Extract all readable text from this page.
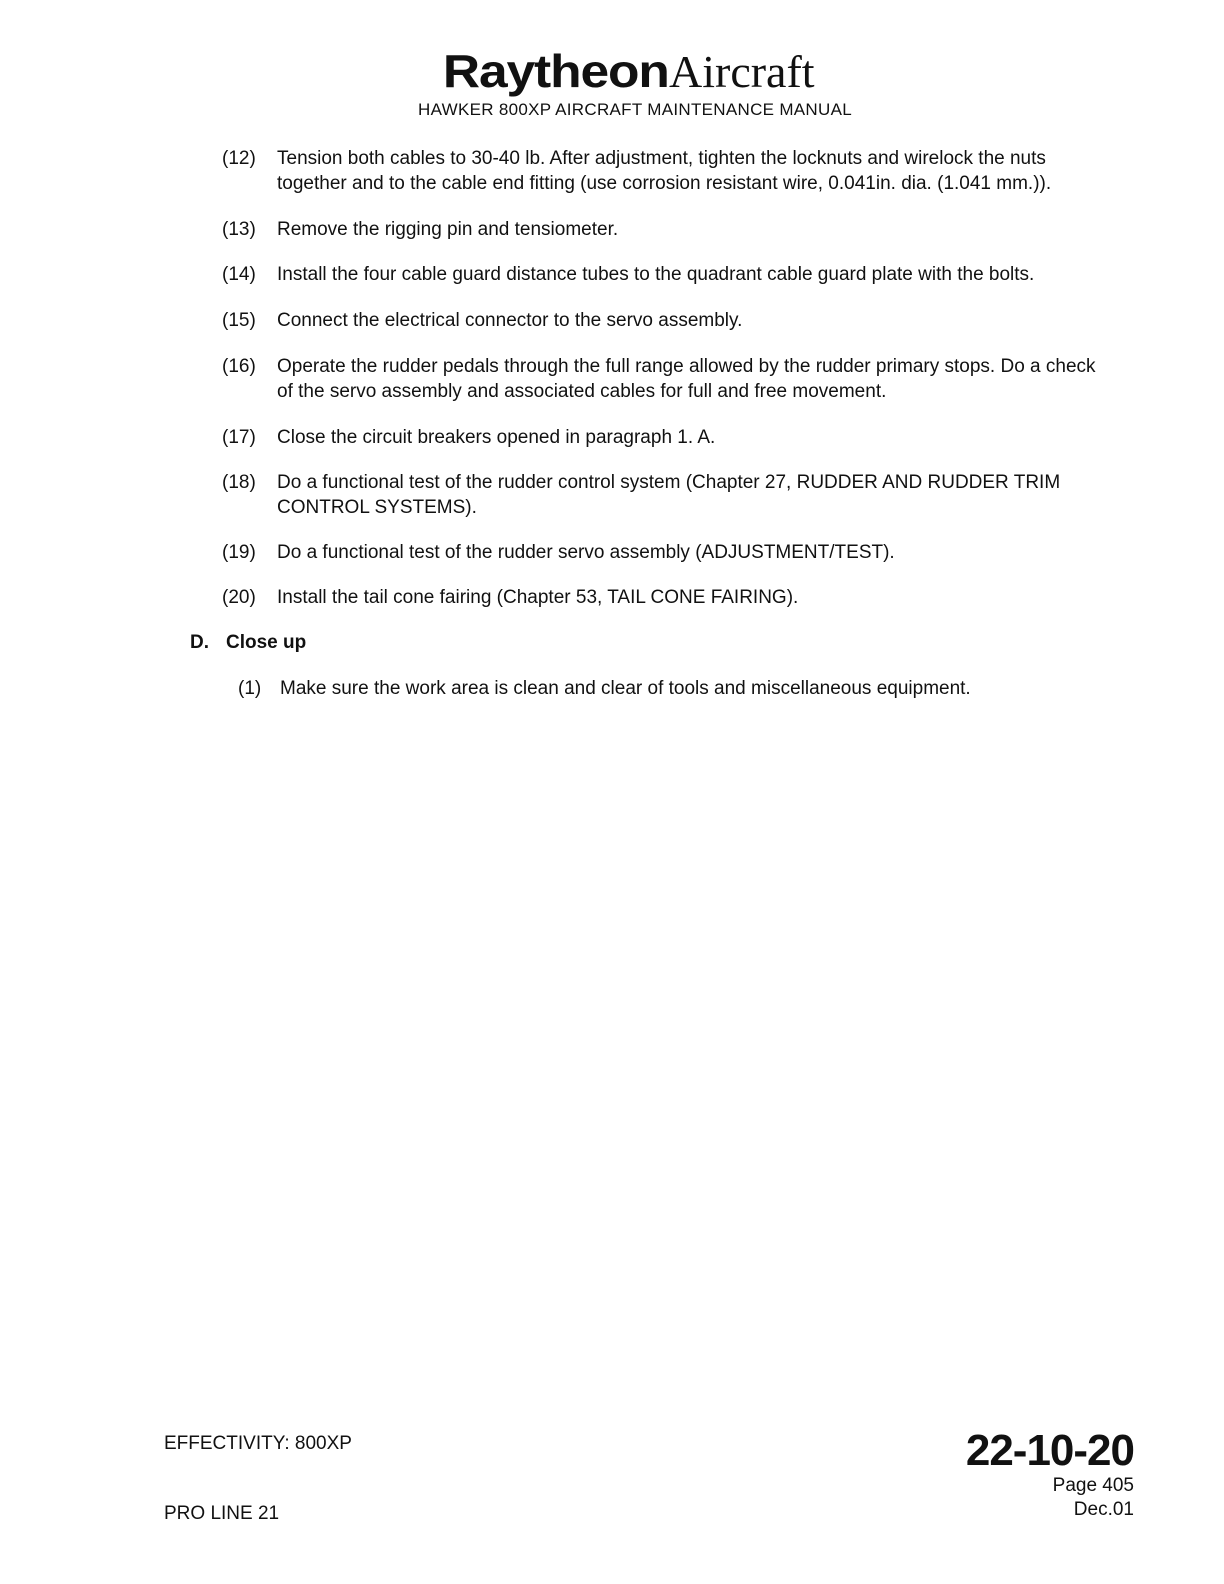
Raytheon Aircraft
HAWKER 800XP AIRCRAFT MAINTENANCE MANUAL
(12) Tension both cables to 30-40 lb. After adjustment, tighten the locknuts and wirelock the nuts together and to the cable end fitting (use corrosion resistant wire, 0.041in. dia. (1.041 mm.)).
(13) Remove the rigging pin and tensiometer.
(14) Install the four cable guard distance tubes to the quadrant cable guard plate with the bolts.
(15) Connect the electrical connector to the servo assembly.
(16) Operate the rudder pedals through the full range allowed by the rudder primary stops. Do a check of the servo assembly and associated cables for full and free movement.
(17) Close the circuit breakers opened in paragraph 1. A.
(18) Do a functional test of the rudder control system (Chapter 27, RUDDER AND RUDDER TRIM CONTROL SYSTEMS).
(19) Do a functional test of the rudder servo assembly (ADJUSTMENT/TEST).
(20) Install the tail cone fairing (Chapter 53, TAIL CONE FAIRING).
D. Close up
(1) Make sure the work area is clean and clear of tools and miscellaneous equipment.
EFFECTIVITY: 800XP
PRO LINE 21
22-10-20
Page 405
Dec.01
